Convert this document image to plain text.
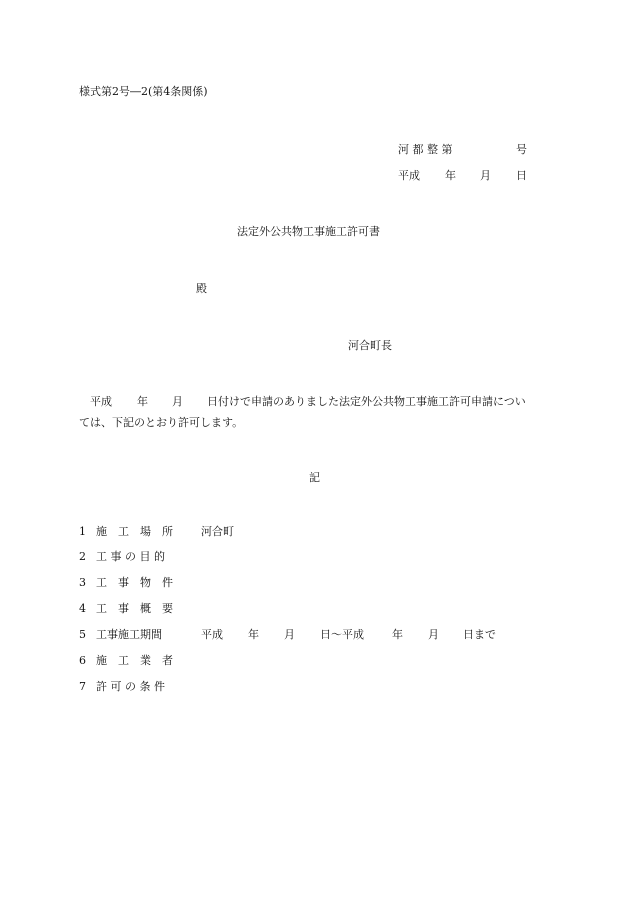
様式第2号―2(第4条関係)

河 都 整 第

	号

平成

年

月

日

法定外公共物工事施工許可書
殿
河合町長

平成

年

月

日付けで申請のありました法定外公共物工事施工許可申請につい

ては、下記のとおり許可します。
記
1 施　工　場　所	河合町
2 工 事 の 目 的
3 工　事　物　件
4 工　事　概　要
5 工事施工期間	平成 年 月 日～平成	年 月 日まで
6 施　工　業　者
7 許 可 の 条 件
